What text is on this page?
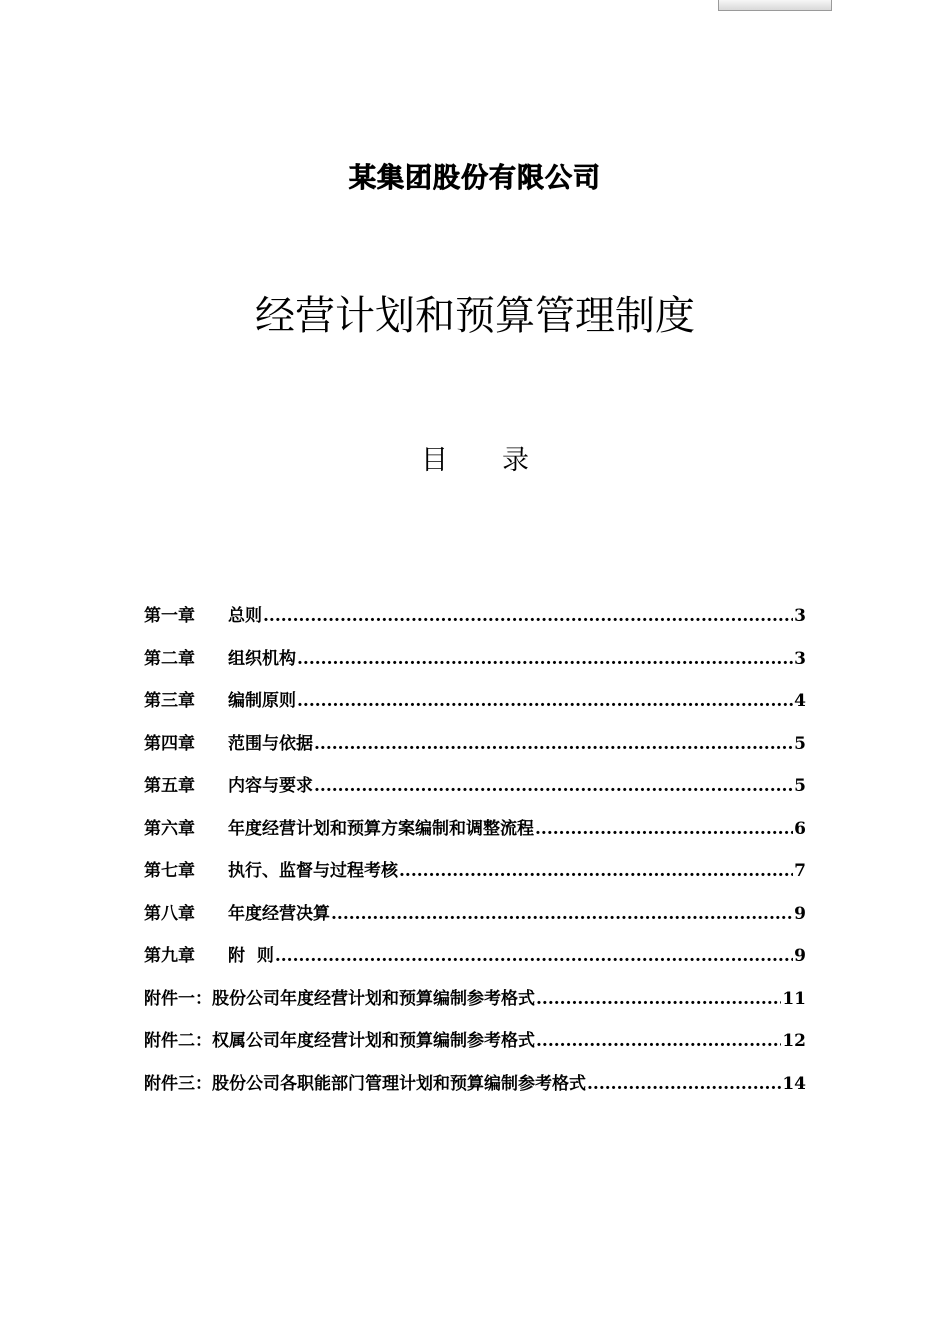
某集团股份有限公司
经营计划和预算管理制度
目 录
第一章	总则 .....	3
第二章	组织机构 .....	3
第三章	编制原则 .....	4
第四章	范围与依据 .....	5
第五章	内容与要求 .....	5
第六章	年度经营计划和预算方案编制和调整流程 .....	6
第七章	执行、监督与过程考核 .....	7
第八章	年度经营决算 .....	9
第九章	附  则 .....	9
附件一：股份公司年度经营计划和预算编制参考格式 .....	11
附件二：权属公司年度经营计划和预算编制参考格式 .....	12
附件三：股份公司各职能部门管理计划和预算编制参考格式 .....	14
